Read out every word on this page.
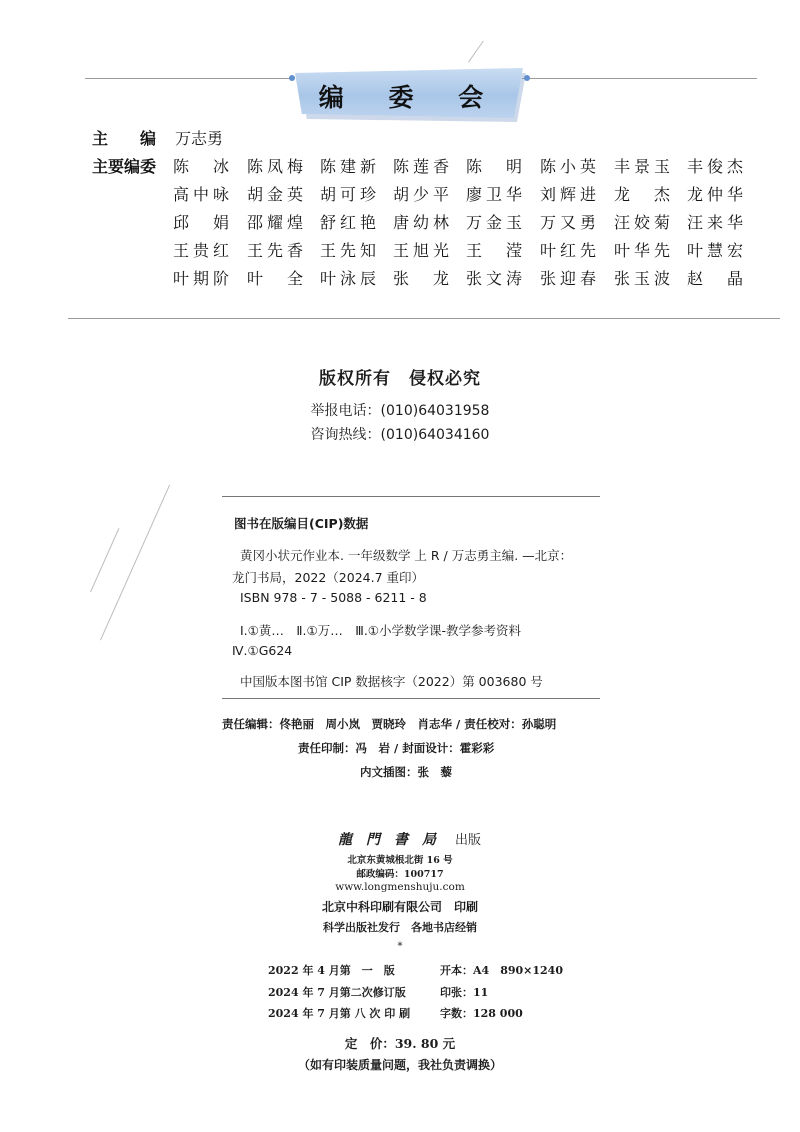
编 委 会
主　　编 万志勇
主要编委 陈　冰 陈凤梅 陈建新 陈莲香 陈　明 陈小英 丰景玉 丰俊杰
高中咏 胡金英 胡可珍 胡少平 廖卫华 刘辉进 龙　杰 龙仲华
邱　娟 邵耀煌 舒红艳 唐幼林 万金玉 万又勇 汪姣菊 汪来华
王贵红 王先香 王先知 王旭光 王　滢 叶红先 叶华先 叶慧宏
叶期阶 叶　全 叶泳辰 张　龙 张文涛 张迎春 张玉波 赵　晶
版权所有　侵权必究
举报电话：(010)64031958
咨询热线：(010)64034160
图书在版编目(CIP)数据
黄冈小状元作业本. 一年级数学 上 R / 万志勇主编. —北京：
龙门书局，2022（2024.7 重印）
ISBN 978 - 7 - 5088 - 6211 - 8
Ⅰ.①黄…　Ⅱ.①万…　Ⅲ.①小学数学课-教学参考资料
Ⅳ.①G624
中国版本图书馆 CIP 数据核字（2022）第 003680 号
责任编辑：佟艳丽　周小岚　贾晓玲　肖志华 / 责任校对：孙聪明
责任印制：冯　岩 / 封面设计：霍彩彩
内文插图：张　藜
龍　門　書　局 出版
北京东黄城根北街 16 号
邮政编码：100717
www.longmenshuju.com
北京中科印刷有限公司　印刷
科学出版社发行　各地书店经销
*
2022 年 4 月第　一　版	开本：A4　890×1240
2024 年 7 月第二次修订版	印张：11
2024 年 7 月第 八 次 印 刷	字数：128 000
定　价：39. 80 元
（如有印装质量问题，我社负责调换）
